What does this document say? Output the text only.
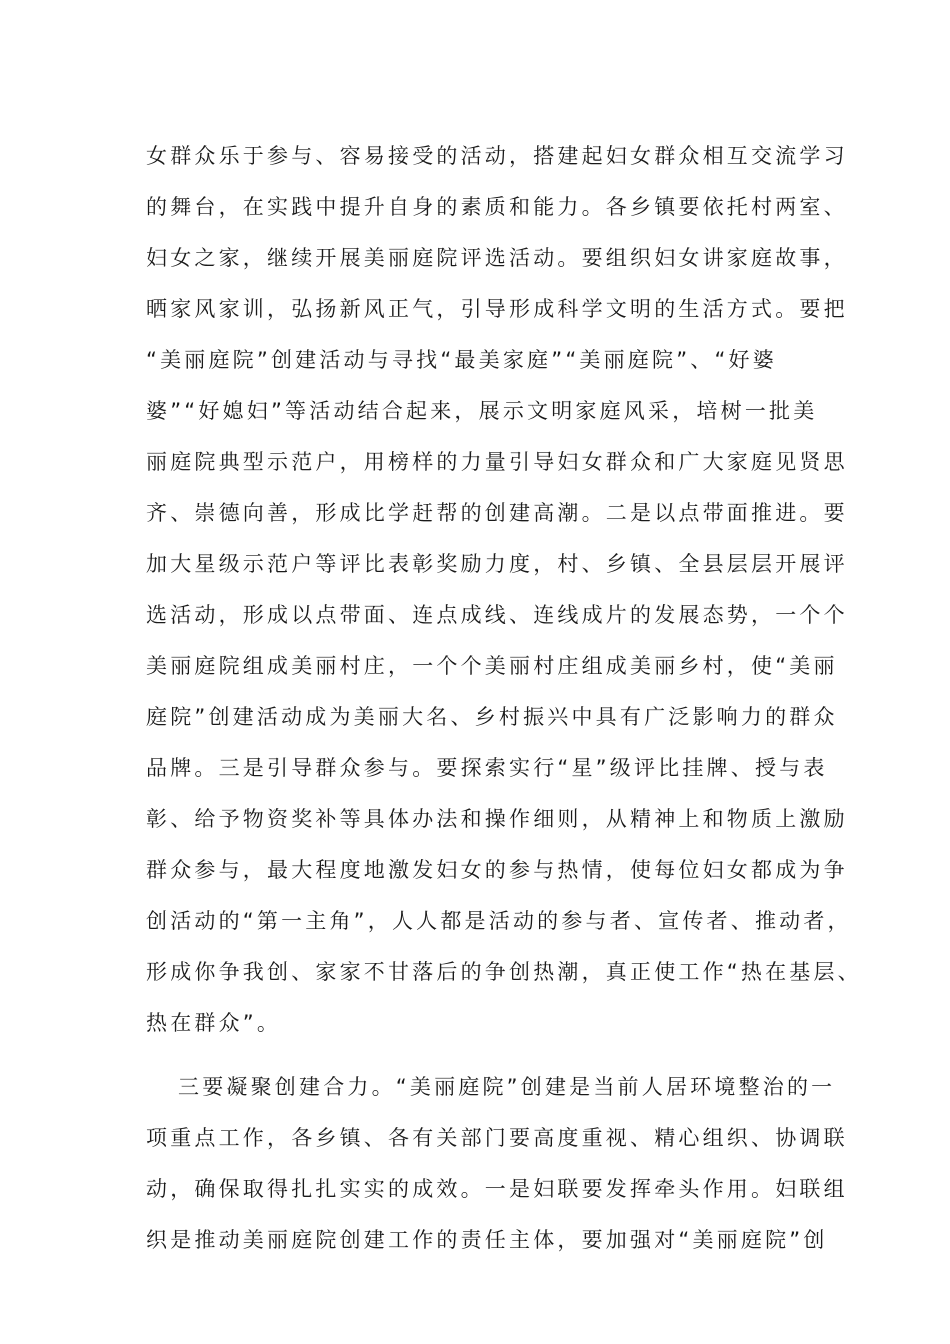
女群众乐于参与、容易接受的活动，搭建起妇女群众相互交流学习
的舞台，在实践中提升自身的素质和能力。各乡镇要依托村两室、
妇女之家，继续开展美丽庭院评选活动。要组织妇女讲家庭故事，
晒家风家训，弘扬新风正气，引导形成科学文明的生活方式。要把
“美丽庭院”创建活动与寻找“最美家庭”“美丽庭院”、“好婆
婆”“好媳妇”等活动结合起来，展示文明家庭风采，培树一批美
丽庭院典型示范户，用榜样的力量引导妇女群众和广大家庭见贤思
齐、崇德向善，形成比学赶帮的创建高潮。二是以点带面推进。要
加大星级示范户等评比表彰奖励力度，村、乡镇、全县层层开展评
选活动，形成以点带面、连点成线、连线成片的发展态势，一个个
美丽庭院组成美丽村庄，一个个美丽村庄组成美丽乡村，使“美丽
庭院”创建活动成为美丽大名、乡村振兴中具有广泛影响力的群众
品牌。三是引导群众参与。要探索实行“星”级评比挂牌、授与表
彰、给予物资奖补等具体办法和操作细则，从精神上和物质上激励
群众参与，最大程度地激发妇女的参与热情，使每位妇女都成为争
创活动的“第一主角”，人人都是活动的参与者、宣传者、推动者，
形成你争我创、家家不甘落后的争创热潮，真正使工作“热在基层、
热在群众”。
三要凝聚创建合力。“美丽庭院”创建是当前人居环境整治的一
项重点工作，各乡镇、各有关部门要高度重视、精心组织、协调联
动，确保取得扎扎实实的成效。一是妇联要发挥牵头作用。妇联组
织是推动美丽庭院创建工作的责任主体，要加强对“美丽庭院”创
